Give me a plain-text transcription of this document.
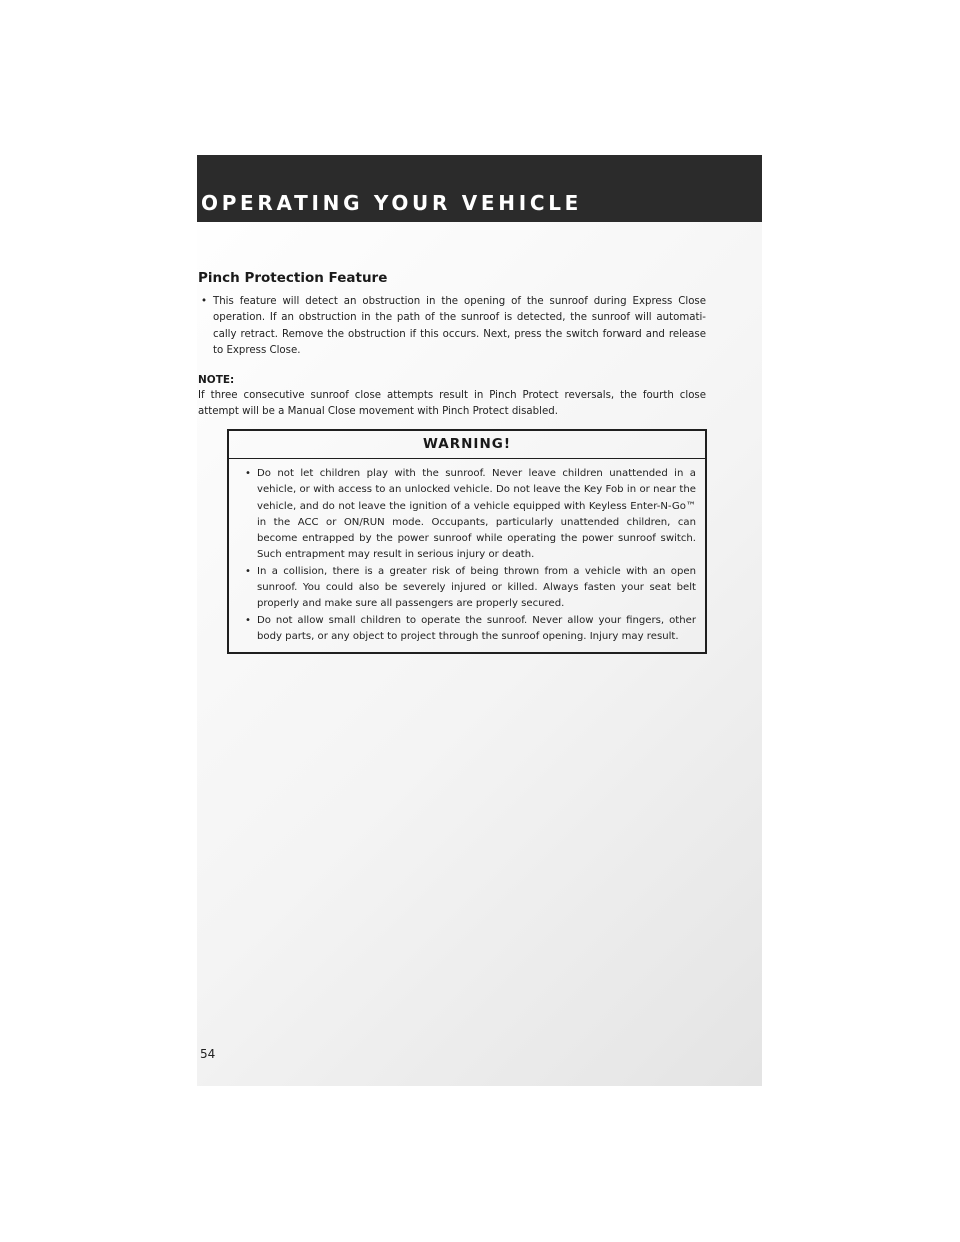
OPERATING YOUR VEHICLE
Pinch Protection Feature
• This feature will detect an obstruction in the opening of the sunroof during Express Close operation. If an obstruction in the path of the sunroof is detected, the sunroof will automati-cally retract. Remove the obstruction if this occurs. Next, press the switch forward and release to Express Close.

NOTE:

If three consecutive sunroof close attempts result in Pinch Protect reversals, the fourth close attempt will be a Manual Close movement with Pinch Protect disabled.

WARNING!
• Do not let children play with the sunroof. Never leave children unattended in a vehicle, or with access to an unlocked vehicle. Do not leave the Key Fob in or near the vehicle, and do not leave the ignition of a vehicle equipped with Keyless Enter-N-Go™ in the ACC or ON/RUN mode. Occupants, particularly unattended children, can become entrapped by the power sunroof while operating the power sunroof switch. Such entrapment may result in serious injury or death.
• In a collision, there is a greater risk of being thrown from a vehicle with an open sunroof. You could also be severely injured or killed. Always fasten your seat belt properly and make sure all passengers are properly secured.
• Do not allow small children to operate the sunroof. Never allow your fingers, other body parts, or any object to project through the sunroof opening. Injury may result.

54
